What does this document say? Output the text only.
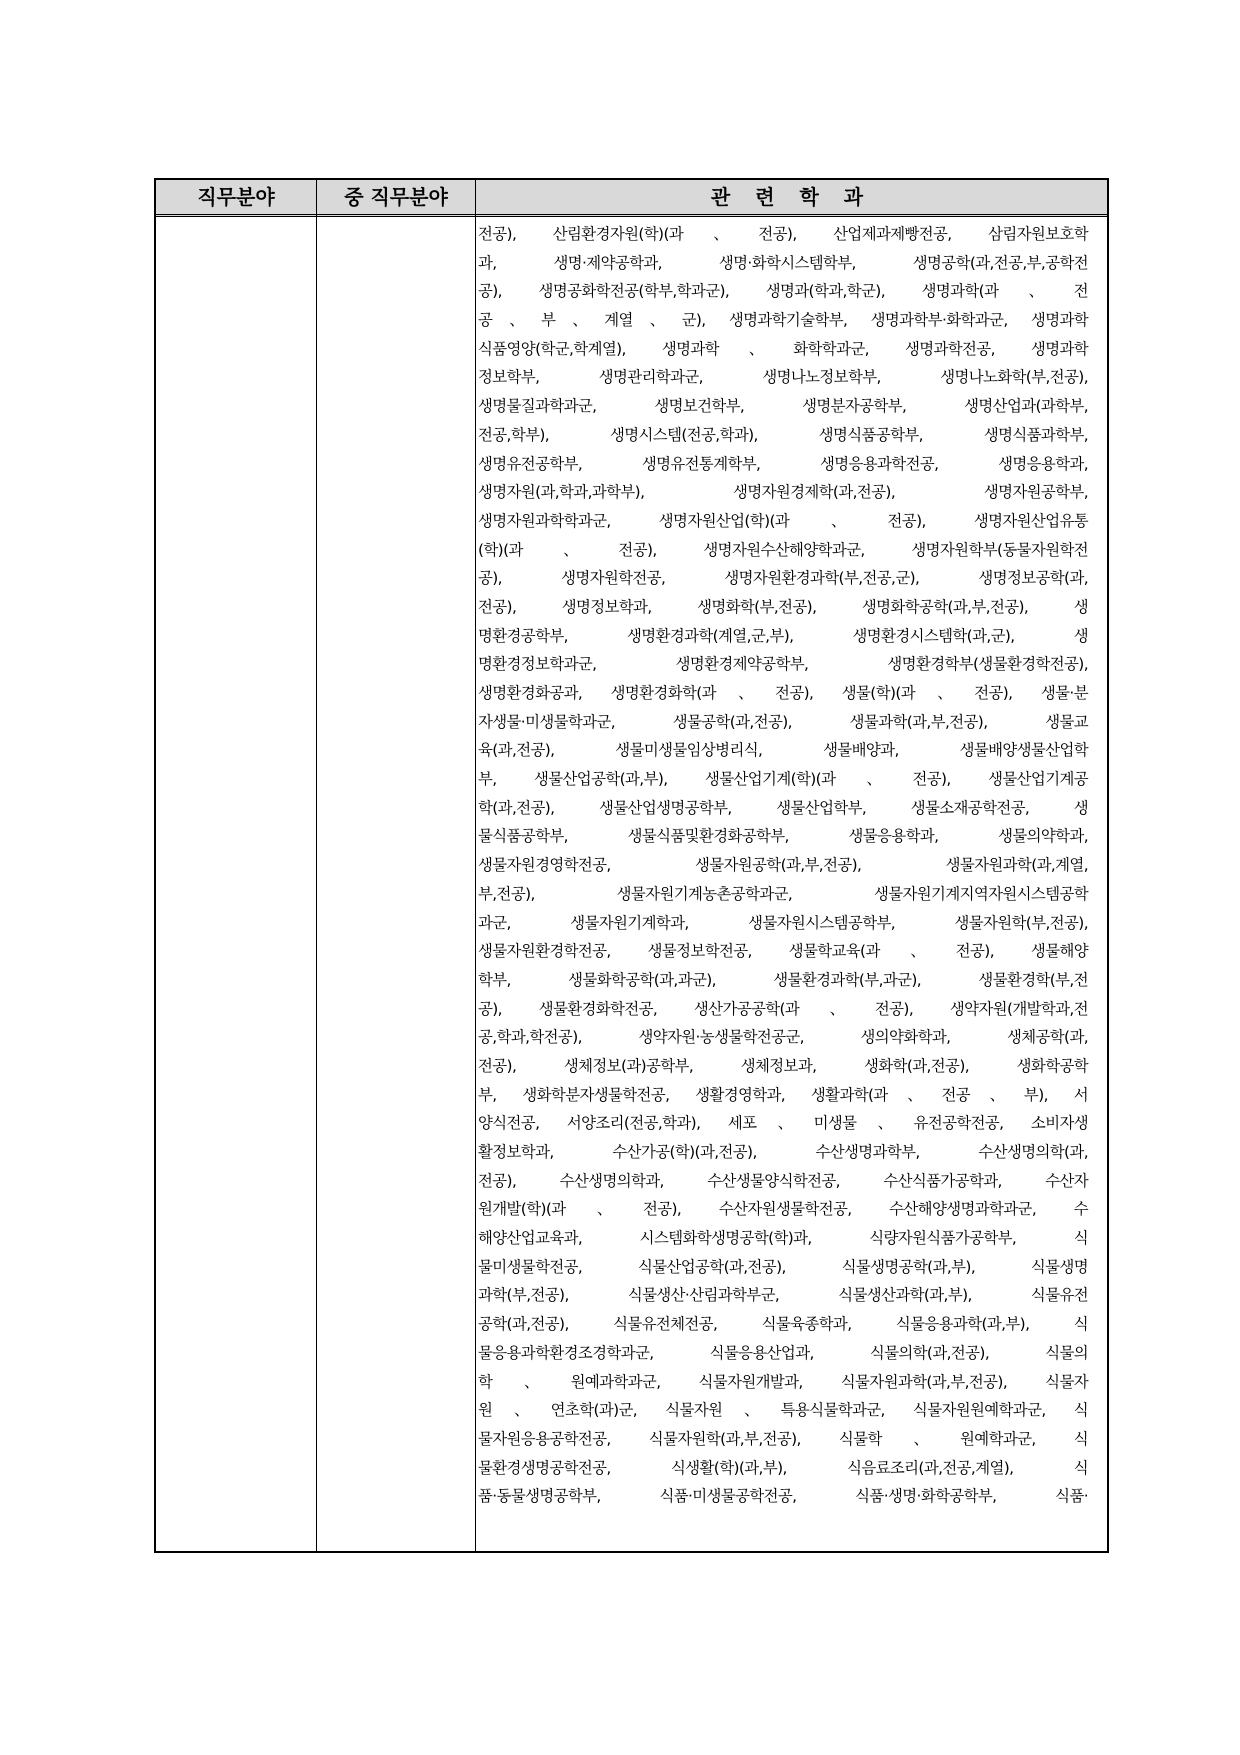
직무분야	중 직무분야	관 련 학 과
전공), 산림환경자원(학)(과、전공), 산업제과제빵전공, 삼림자원보호학
과, 생명·제약공학과, 생명·화학시스템학부, 생명공학(과,전공,부,공학전
공), 생명공화학전공(학부,학과군), 생명과(학과,학군), 생명과학(과、전
공、부、계열、군), 생명과학기술학부, 생명과학부·화학과군, 생명과학
식품영양(학군,학계열), 생명과학、화학학과군, 생명과학전공, 생명과학
정보학부, 생명관리학과군, 생명나노정보학부, 생명나노화학(부,전공),
생명물질과학과군, 생명보건학부, 생명분자공학부, 생명산업과(과학부,
전공,학부), 생명시스템(전공,학과), 생명식품공학부, 생명식품과학부,
생명유전공학부, 생명유전통계학부, 생명응용과학전공, 생명응용학과,
생명자원(과,학과,과학부), 생명자원경제학(과,전공), 생명자원공학부,
생명자원과학학과군, 생명자원산업(학)(과、전공), 생명자원산업유통
(학)(과、전공), 생명자원수산해양학과군, 생명자원학부(동물자원학전
공), 생명자원학전공, 생명자원환경과학(부,전공,군), 생명정보공학(과,
전공), 생명정보학과, 생명화학(부,전공), 생명화학공학(과,부,전공), 생
명환경공학부, 생명환경과학(계열,군,부), 생명환경시스템학(과,군), 생
명환경정보학과군, 생명환경제약공학부, 생명환경학부(생물환경학전공),
생명환경화공과, 생명환경화학(과、전공), 생물(학)(과、전공), 생물·분
자생물·미생물학과군, 생물공학(과,전공), 생물과학(과,부,전공), 생물교
육(과,전공), 생물미생물임상병리식, 생물배양과, 생물배양생물산업학
부, 생물산업공학(과,부), 생물산업기계(학)(과、전공), 생물산업기계공
학(과,전공), 생물산업생명공학부, 생물산업학부, 생물소재공학전공, 생
물식품공학부, 생물식품및환경화공학부, 생물응용학과, 생물의약학과,
생물자원경영학전공, 생물자원공학(과,부,전공), 생물자원과학(과,계열,
부,전공), 생물자원기계농촌공학과군, 생물자원기계지역자원시스템공학
과군, 생물자원기계학과, 생물자원시스템공학부, 생물자원학(부,전공),
생물자원환경학전공, 생물정보학전공, 생물학교육(과、전공), 생물해양
학부, 생물화학공학(과,과군), 생물환경과학(부,과군), 생물환경학(부,전
공), 생물환경화학전공, 생산가공공학(과、전공), 생약자원(개발학과,전
공,학과,학전공), 생약자원·농생물학전공군, 생의약화학과, 생체공학(과,
전공), 생체정보(과)공학부, 생체정보과, 생화학(과,전공), 생화학공학
부, 생화학분자생물학전공, 생활경영학과, 생활과학(과、전공、부), 서
양식전공, 서양조리(전공,학과), 세포、미생물、유전공학전공, 소비자생
활정보학과, 수산가공(학)(과,전공), 수산생명과학부, 수산생명의학(과,
전공), 수산생명의학과, 수산생물양식학전공, 수산식품가공학과, 수산자
원개발(학)(과、전공), 수산자원생물학전공, 수산해양생명과학과군, 수
해양산업교육과, 시스템화학생명공학(학)과, 식량자원식품가공학부, 식
물미생물학전공, 식물산업공학(과,전공), 식물생명공학(과,부), 식물생명
과학(부,전공), 식물생산·산림과학부군, 식물생산과학(과,부), 식물유전
공학(과,전공), 식물유전체전공, 식물육종학과, 식물응용과학(과,부), 식
물응용과학환경조경학과군, 식물응용산업과, 식물의학(과,전공), 식물의
학、원예과학과군, 식물자원개발과, 식물자원과학(과,부,전공), 식물자
원、연초학(과)군, 식물자원、특용식물학과군, 식물자원원예학과군, 식
물자원응용공학전공, 식물자원학(과,부,전공), 식물학、원예학과군, 식
물환경생명공학전공, 식생활(학)(과,부), 식음료조리(과,전공,계열), 식
품·동물생명공학부, 식품·미생물공학전공, 식품·생명·화학공학부, 식품·
